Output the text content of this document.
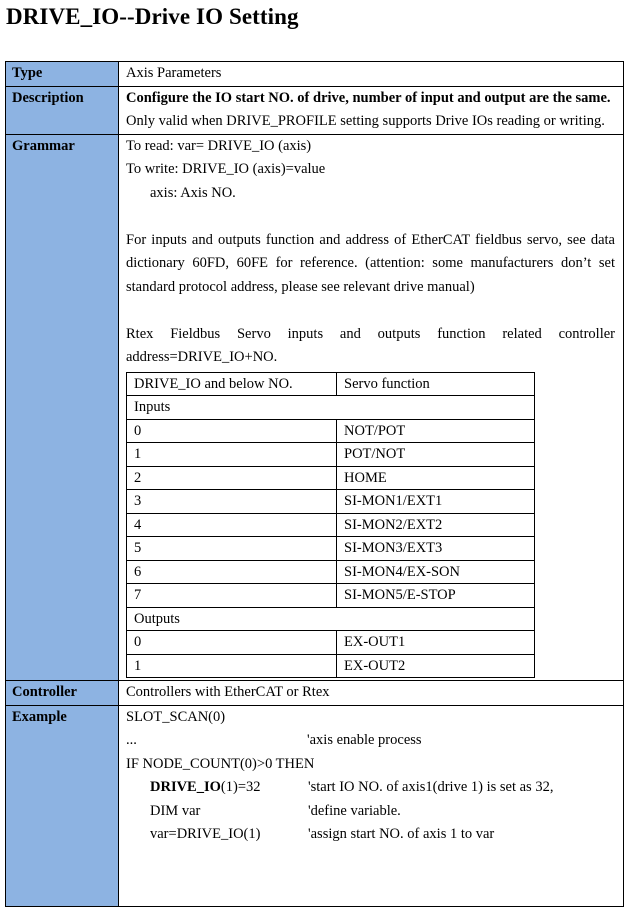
DRIVE_IO--Drive IO Setting
Type	Axis Parameters
Description	Configure the IO start NO. of drive, number of input and output are the same.
Only valid when DRIVE_PROFILE setting supports Drive IOs reading or writing.

Grammar	To read: var= DRIVE_IO (axis)
To write: DRIVE_IO (axis)=value
axis: Axis NO.
For inputs and outputs function and address of EtherCAT fieldbus servo, see data dictionary 60FD, 60FE for reference. (attention: some manufacturers don’t set standard protocol address, please see relevant drive manual)
Rtex Fieldbus Servo inputs and outputs function related controller address=DRIVE_IO+NO.
DRIVE_IO and below NO.	Servo function
Inputs
0	NOT/POT
1	POT/NOT
2	HOME
3	SI-MON1/EXT1
4	SI-MON2/EXT2
5	SI-MON3/EXT3
6	SI-MON4/EX-SON
7	SI-MON5/E-STOP
Outputs
0	EX-OUT1
1	EX-OUT2

Controller	Controllers with EtherCAT or Rtex
Example	SLOT_SCAN(0)
...	'axis enable process
IF NODE_COUNT(0)>0 THEN
DRIVE_IO(1)=32	'start IO NO. of axis1(drive 1) is set as 32,
DIM var	'define variable.
var=DRIVE_IO(1)	'assign start NO. of axis 1 to var
